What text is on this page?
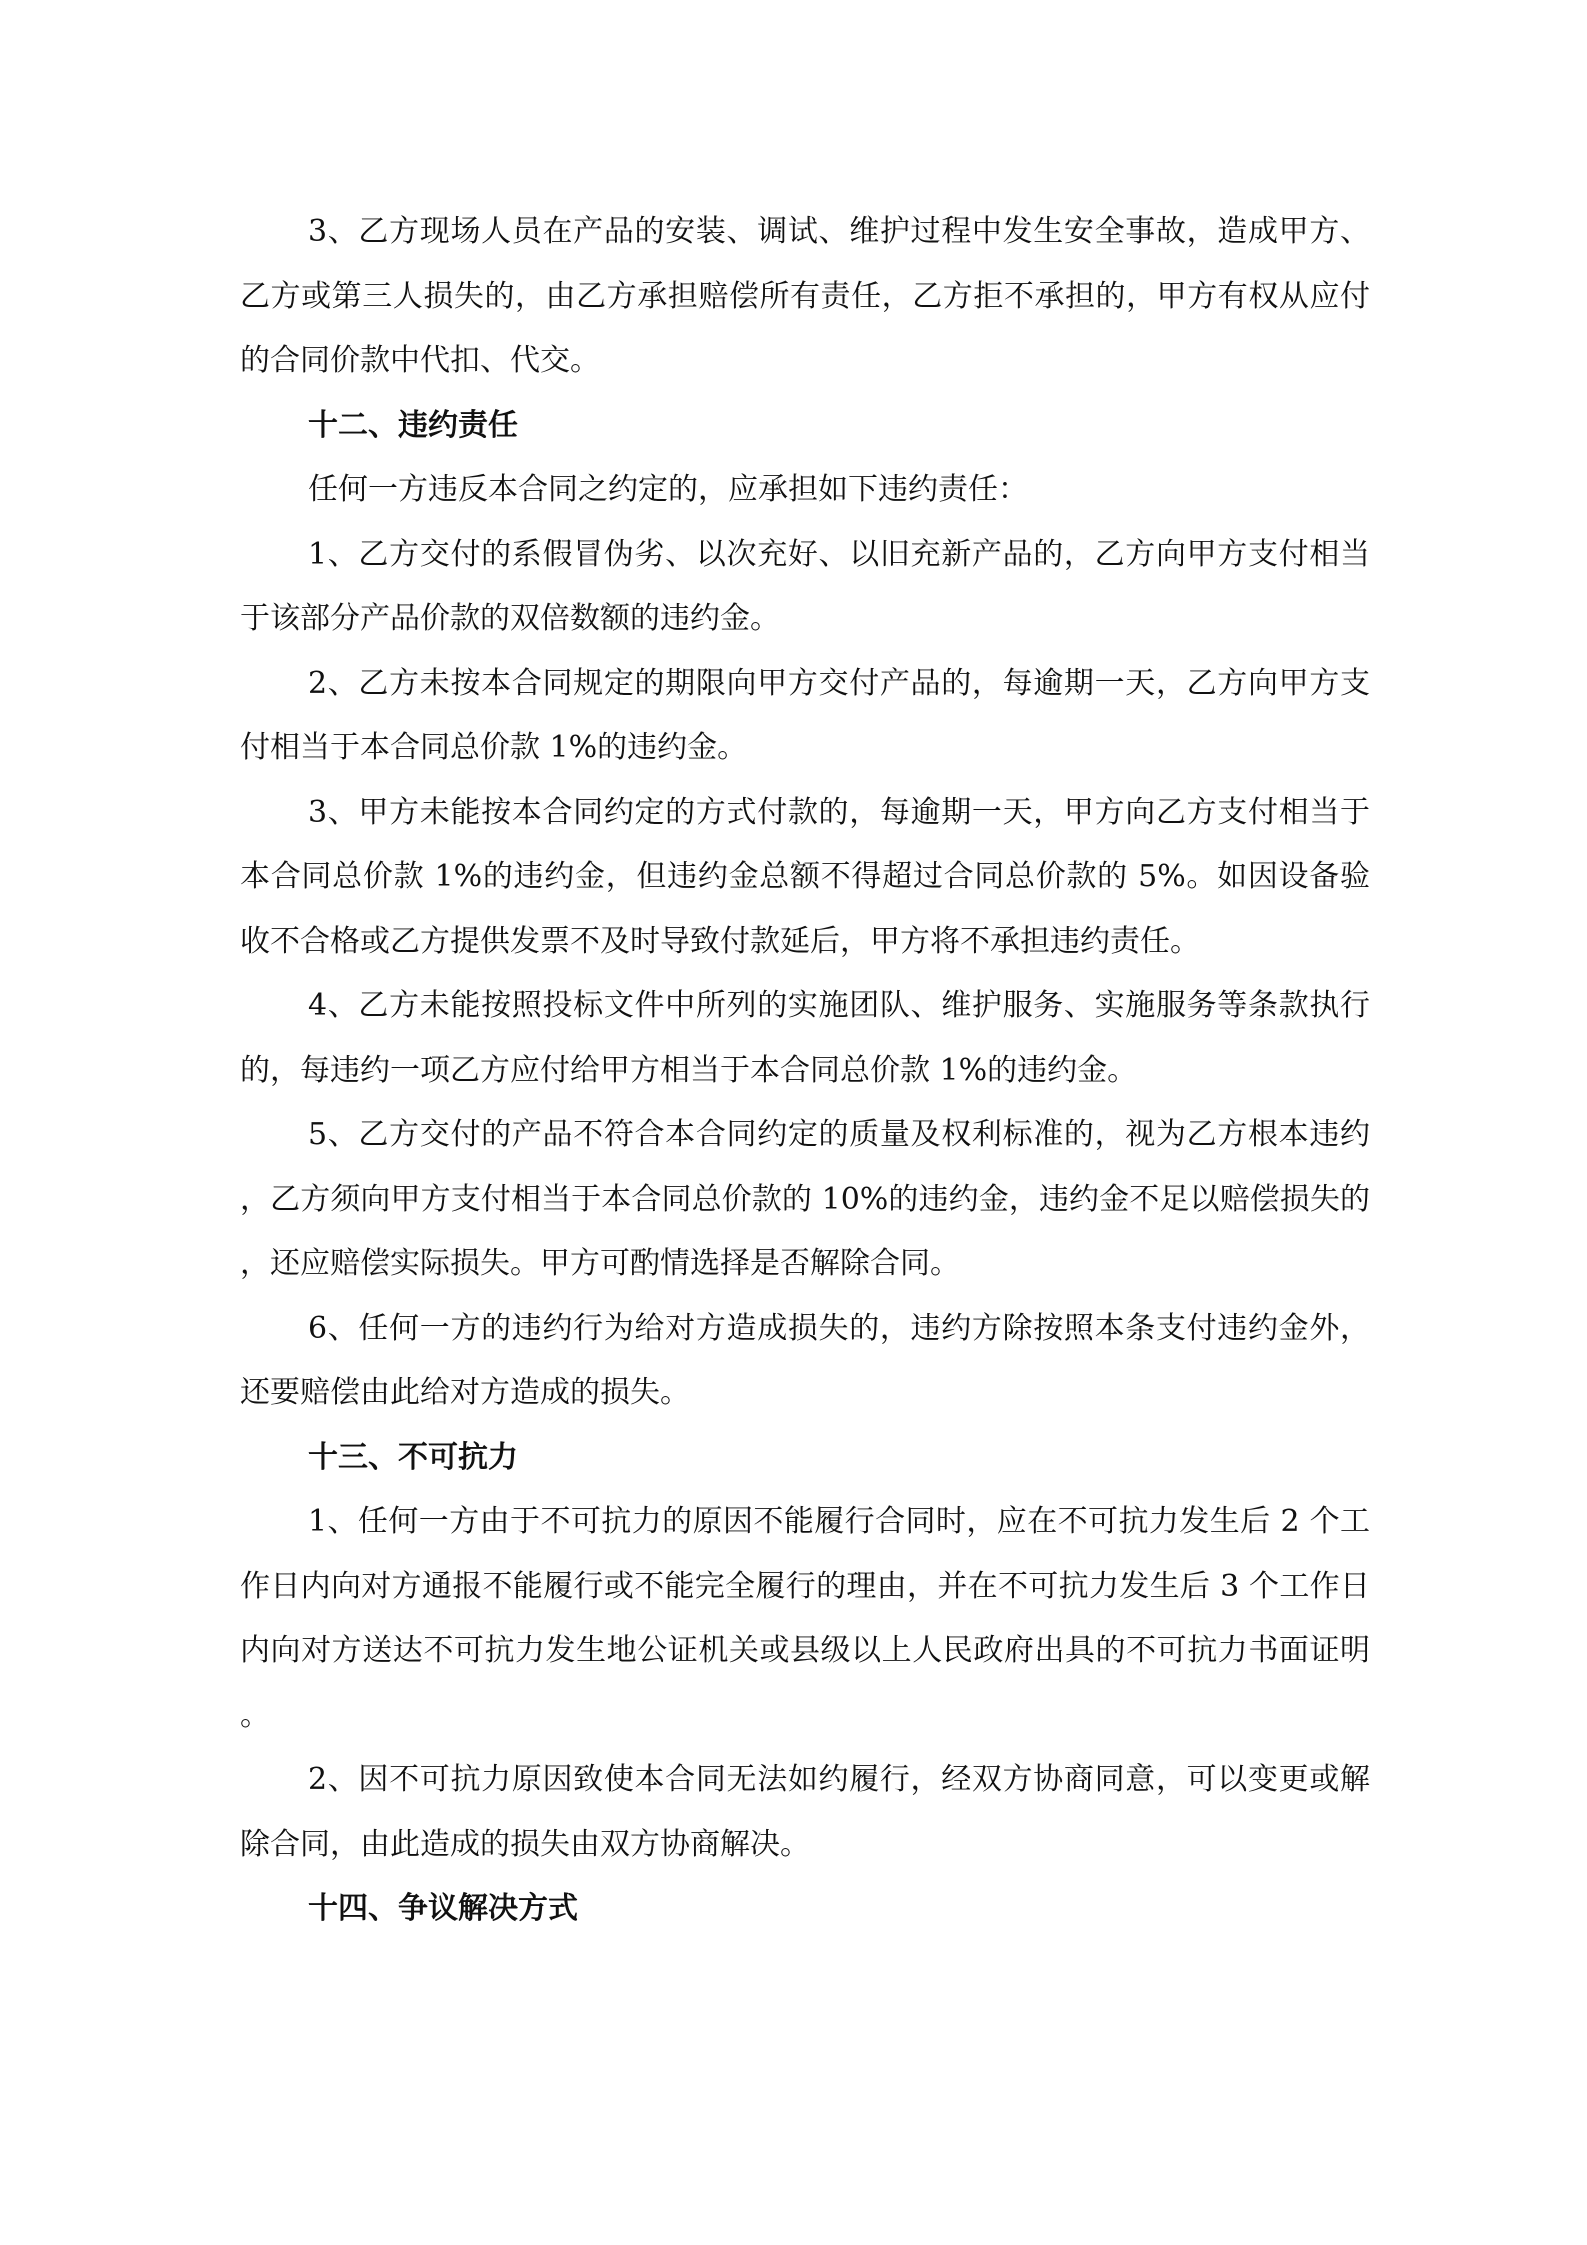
3、乙方现场人员在产品的安装、调试、维护过程中发生安全事故，造成甲方、乙方或第三人损失的，由乙方承担赔偿所有责任，乙方拒不承担的，甲方有权从应付的合同价款中代扣、代交。

十二、违约责任

任何一方违反本合同之约定的，应承担如下违约责任：

1、乙方交付的系假冒伪劣、以次充好、以旧充新产品的，乙方向甲方支付相当于该部分产品价款的双倍数额的违约金。

2、乙方未按本合同规定的期限向甲方交付产品的，每逾期一天，乙方向甲方支付相当于本合同总价款 1%的违约金。

3、甲方未能按本合同约定的方式付款的，每逾期一天，甲方向乙方支付相当于本合同总价款 1%的违约金，但违约金总额不得超过合同总价款的 5%。如因设备验收不合格或乙方提供发票不及时导致付款延后，甲方将不承担违约责任。

4、乙方未能按照投标文件中所列的实施团队、维护服务、实施服务等条款执行的，每违约一项乙方应付给甲方相当于本合同总价款 1%的违约金。

5、乙方交付的产品不符合本合同约定的质量及权利标准的，视为乙方根本违约，乙方须向甲方支付相当于本合同总价款的 10%的违约金，违约金不足以赔偿损失的，还应赔偿实际损失。甲方可酌情选择是否解除合同。

6、任何一方的违约行为给对方造成损失的，违约方除按照本条支付违约金外，还要赔偿由此给对方造成的损失。

十三、不可抗力

1、任何一方由于不可抗力的原因不能履行合同时，应在不可抗力发生后 2 个工作日内向对方通报不能履行或不能完全履行的理由，并在不可抗力发生后 3 个工作日内向对方送达不可抗力发生地公证机关或县级以上人民政府出具的不可抗力书面证明。

2、因不可抗力原因致使本合同无法如约履行，经双方协商同意，可以变更或解除合同，由此造成的损失由双方协商解决。

十四、争议解决方式
